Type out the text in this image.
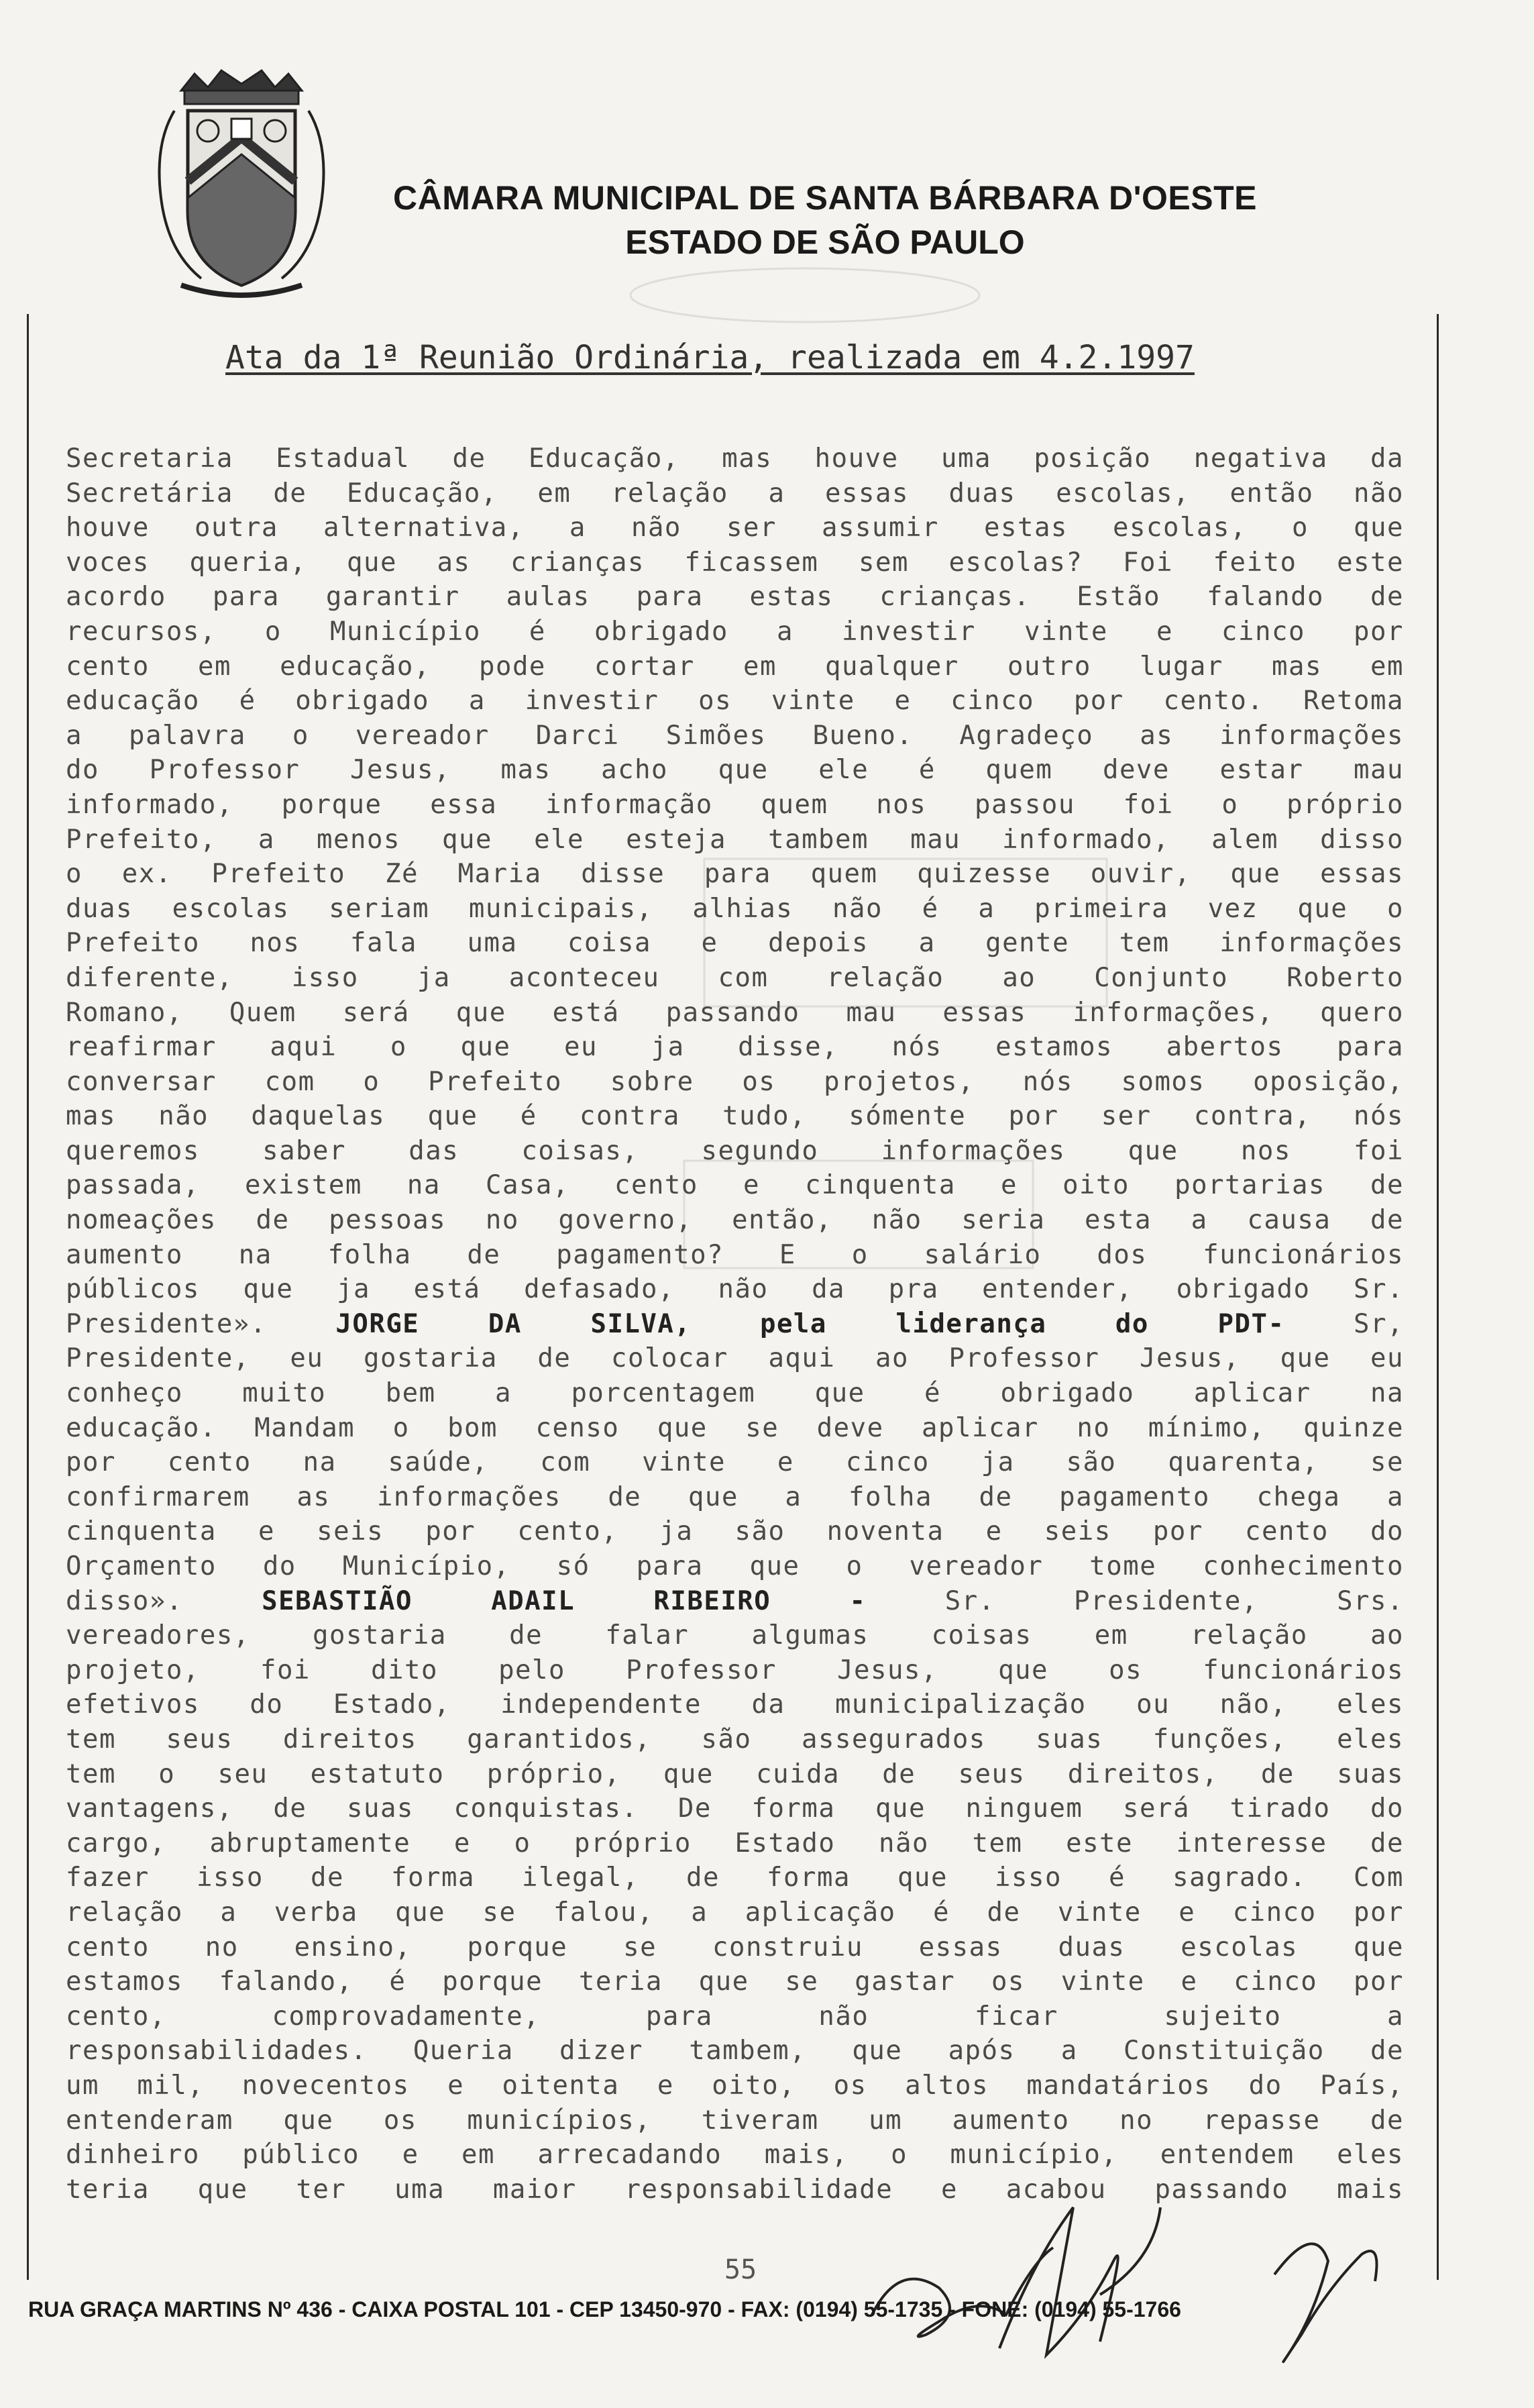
CÂMARA MUNICIPAL DE SANTA BÁRBARA D'OESTE
ESTADO DE SÃO PAULO
Ata da 1ª Reunião Ordinária, realizada em 4.2.1997
Secretaria Estadual de Educação, mas houve uma posição negativa da
Secretária de Educação, em relação a essas duas escolas, então não
houve outra alternativa, a não ser assumir estas escolas, o que
voces queria, que as crianças ficassem sem escolas? Foi feito este
acordo para garantir aulas para estas crianças. Estão falando de
recursos, o Município é obrigado a investir vinte e cinco por
cento em educação, pode cortar em qualquer outro lugar mas em
educação é obrigado a investir os vinte e cinco por cento. Retoma
a palavra o vereador Darci Simões Bueno. Agradeço as informações
do Professor Jesus, mas acho que ele é quem deve estar mau
informado, porque essa informação quem nos passou foi o próprio
Prefeito, a menos que ele esteja tambem mau informado, alem disso
o ex. Prefeito Zé Maria disse para quem quizesse ouvir, que essas
duas escolas seriam municipais, alhias não é a primeira vez que o
Prefeito nos fala uma coisa e depois a gente tem informações
diferente, isso ja aconteceu com relação ao Conjunto Roberto
Romano, Quem será que está passando mau essas informações, quero
reafirmar aqui o que eu ja disse, nós estamos abertos para
conversar com o Prefeito sobre os projetos, nós somos oposição,
mas não daquelas que é contra tudo, sómente por ser contra, nós
queremos saber das coisas, segundo informações que nos foi
passada, existem na Casa, cento e cinquenta e oito portarias de
nomeações de pessoas no governo, então, não seria esta a causa de
aumento na folha de pagamento? E o salário dos funcionários
públicos que ja está defasado, não da pra entender, obrigado Sr.
Presidente». JORGE DA SILVA, pela liderança do PDT- Sr,
Presidente, eu gostaria de colocar aqui ao Professor Jesus, que eu
conheço muito bem a porcentagem que é obrigado aplicar na
educação. Mandam o bom censo que se deve aplicar no mínimo, quinze
por cento na saúde, com vinte e cinco ja são quarenta, se
confirmarem as informações de que a folha de pagamento chega a
cinquenta e seis por cento, ja são noventa e seis por cento do
Orçamento do Município, só para que o vereador tome conhecimento
disso». SEBASTIÃO ADAIL RIBEIRO - Sr. Presidente, Srs.
vereadores, gostaria de falar algumas coisas em relação ao
projeto, foi dito pelo Professor Jesus, que os funcionários
efetivos do Estado, independente da municipalização ou não, eles
tem seus direitos garantidos, são assegurados suas funções, eles
tem o seu estatuto próprio, que cuida de seus direitos, de suas
vantagens, de suas conquistas. De forma que ninguem será tirado do
cargo, abruptamente e o próprio Estado não tem este interesse de
fazer isso de forma ilegal, de forma que isso é sagrado. Com
relação a verba que se falou, a aplicação é de vinte e cinco por
cento no ensino, porque se construiu essas duas escolas que
estamos falando, é porque teria que se gastar os vinte e cinco por
cento, comprovadamente, para não ficar sujeito a
responsabilidades. Queria dizer tambem, que após a Constituição de
um mil, novecentos e oitenta e oito, os altos mandatários do País,
entenderam que os municípios, tiveram um aumento no repasse de
dinheiro público e em arrecadando mais, o município, entendem eles
teria que ter uma maior responsabilidade e acabou passando mais
55
RUA GRAÇA MARTINS Nº 436 - CAIXA POSTAL 101 - CEP 13450-970 - FAX: (0194) 55-1735 - FONE: (0194) 55-1766
